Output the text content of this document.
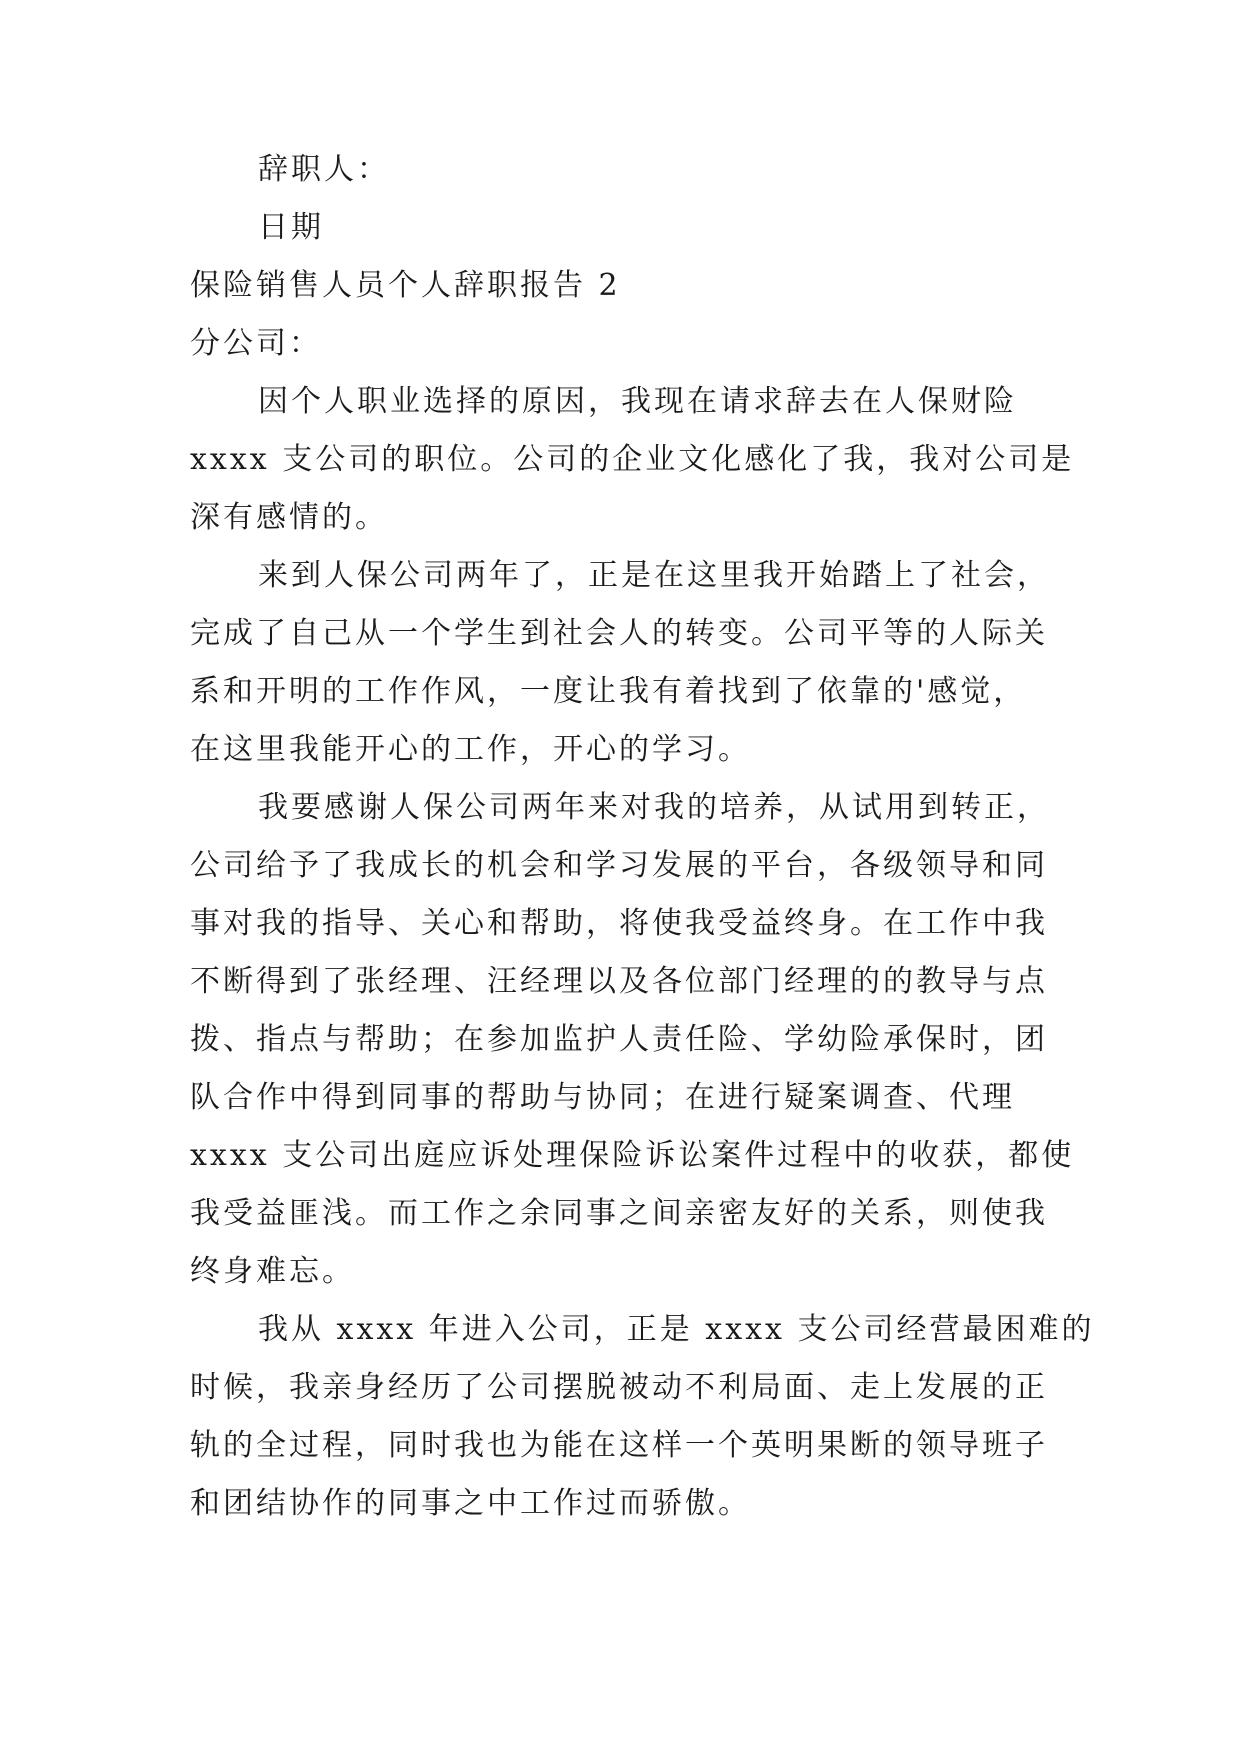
辞职人：
日期
保险销售人员个人辞职报告 2
分公司：
因个人职业选择的原因，我现在请求辞去在人保财险
xxxx 支公司的职位。公司的企业文化感化了我，我对公司是
深有感情的。
来到人保公司两年了，正是在这里我开始踏上了社会，
完成了自己从一个学生到社会人的转变。公司平等的人际关
系和开明的工作作风，一度让我有着找到了依靠的'感觉，
在这里我能开心的工作，开心的学习。
我要感谢人保公司两年来对我的培养，从试用到转正，
公司给予了我成长的机会和学习发展的平台，各级领导和同
事对我的指导、关心和帮助，将使我受益终身。在工作中我
不断得到了张经理、汪经理以及各位部门经理的的教导与点
拨、指点与帮助；在参加监护人责任险、学幼险承保时，团
队合作中得到同事的帮助与协同；在进行疑案调查、代理
xxxx 支公司出庭应诉处理保险诉讼案件过程中的收获，都使
我受益匪浅。而工作之余同事之间亲密友好的关系，则使我
终身难忘。
我从 xxxx 年进入公司，正是 xxxx 支公司经营最困难的
时候，我亲身经历了公司摆脱被动不利局面、走上发展的正
轨的全过程，同时我也为能在这样一个英明果断的领导班子
和团结协作的同事之中工作过而骄傲。
